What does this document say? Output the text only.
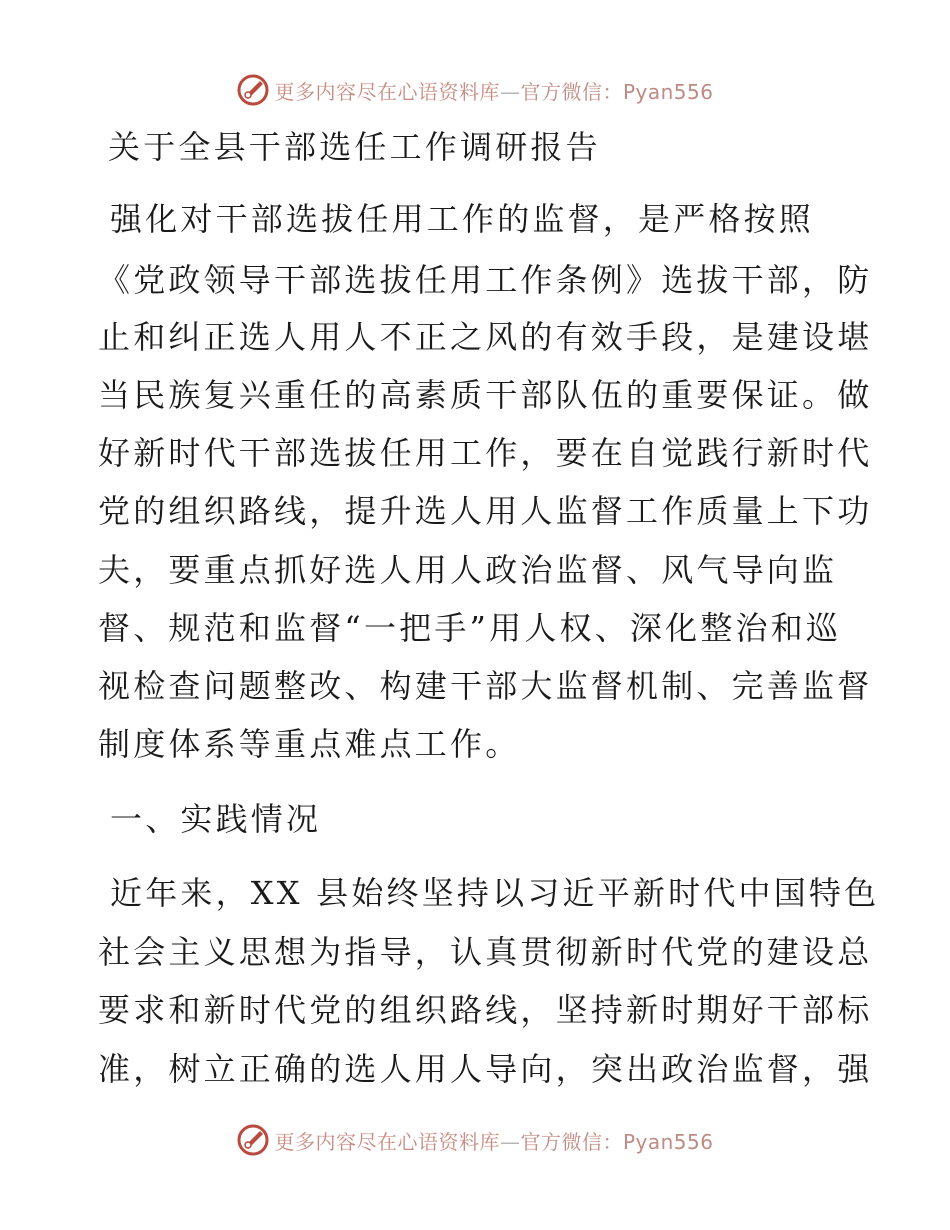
更多内容尽在心语资料库—官方微信：Pyan556
关于全县干部选任工作调研报告
强化对干部选拔任用工作的监督，是严格按照
《党政领导干部选拔任用工作条例》选拔干部，防
止和纠正选人用人不正之风的有效手段，是建设堪
当民族复兴重任的高素质干部队伍的重要保证。做
好新时代干部选拔任用工作，要在自觉践行新时代
党的组织路线，提升选人用人监督工作质量上下功
夫，要重点抓好选人用人政治监督、风气导向监
督、规范和监督“一把手”用人权、深化整治和巡
视检查问题整改、构建干部大监督机制、完善监督
制度体系等重点难点工作。
一、实践情况
近年来，XX 县始终坚持以习近平新时代中国特色
社会主义思想为指导，认真贯彻新时代党的建设总
要求和新时代党的组织路线，坚持新时期好干部标
准，树立正确的选人用人导向，突出政治监督，强
更多内容尽在心语资料库—官方微信：Pyan556
